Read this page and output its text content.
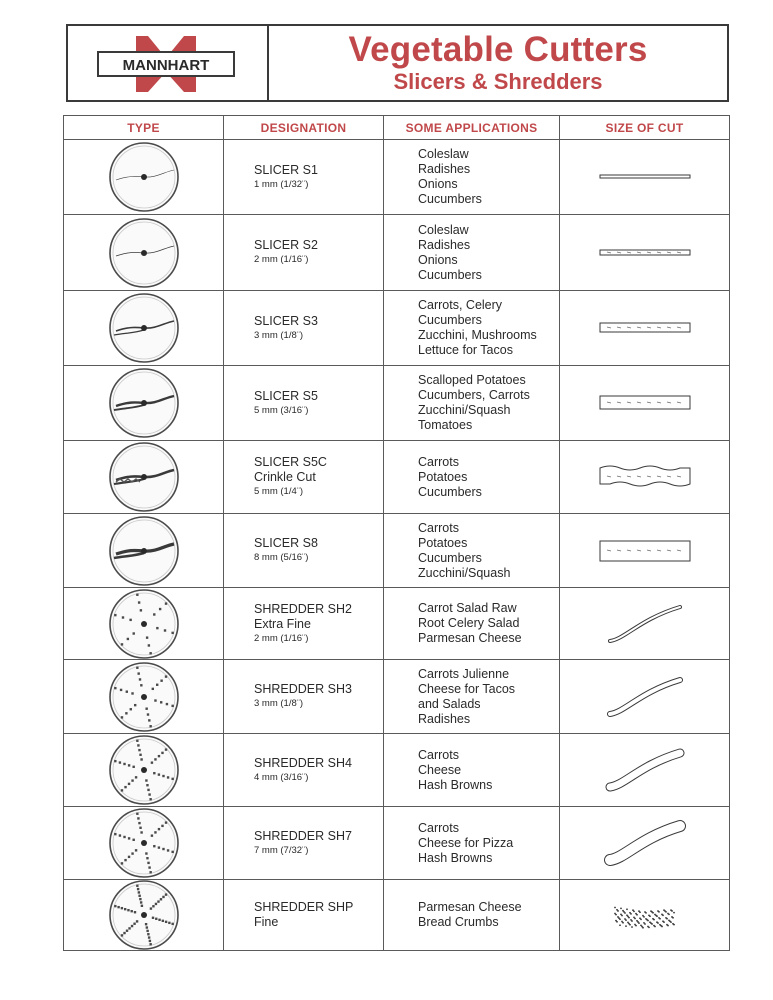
MANNHART	Vegetable Cutters
Slicers & Shredders
TYPE	DESIGNATION	SOME APPLICATIONS	SIZE OF CUT

SLICER S1
1 mm (1/32¨)	Coleslaw
Radishes
Onions
Cucumbers

SLICER S2
2 mm (1/16¨)	Coleslaw
Radishes
Onions
Cucumbers

SLICER S3
3 mm (1/8¨)	Carrots, Celery
Cucumbers
Zucchini, Mushrooms
Lettuce for Tacos

SLICER S5
5 mm (3/16¨)	Scalloped Potatoes
Cucumbers, Carrots
Zucchini/Squash
Tomatoes

SLICER S5C
Crinkle Cut
5 mm (1/4¨)	Carrots
Potatoes
Cucumbers

SLICER S8
8 mm (5/16¨)	Carrots
Potatoes
Cucumbers
Zucchini/Squash

SHREDDER SH2
Extra Fine
2 mm (1/16¨)	Carrot Salad Raw
Root Celery Salad
Parmesan Cheese

SHREDDER SH3
3 mm (1/8¨)	Carrots Julienne
Cheese for Tacos
and Salads
Radishes

SHREDDER SH4
4 mm (3/16¨)	Carrots
Cheese
Hash Browns

SHREDDER SH7
7 mm (7/32¨)	Carrots
Cheese for Pizza
Hash Browns

SHREDDER SHP
Fine	Parmesan Cheese
Bread Crumbs
